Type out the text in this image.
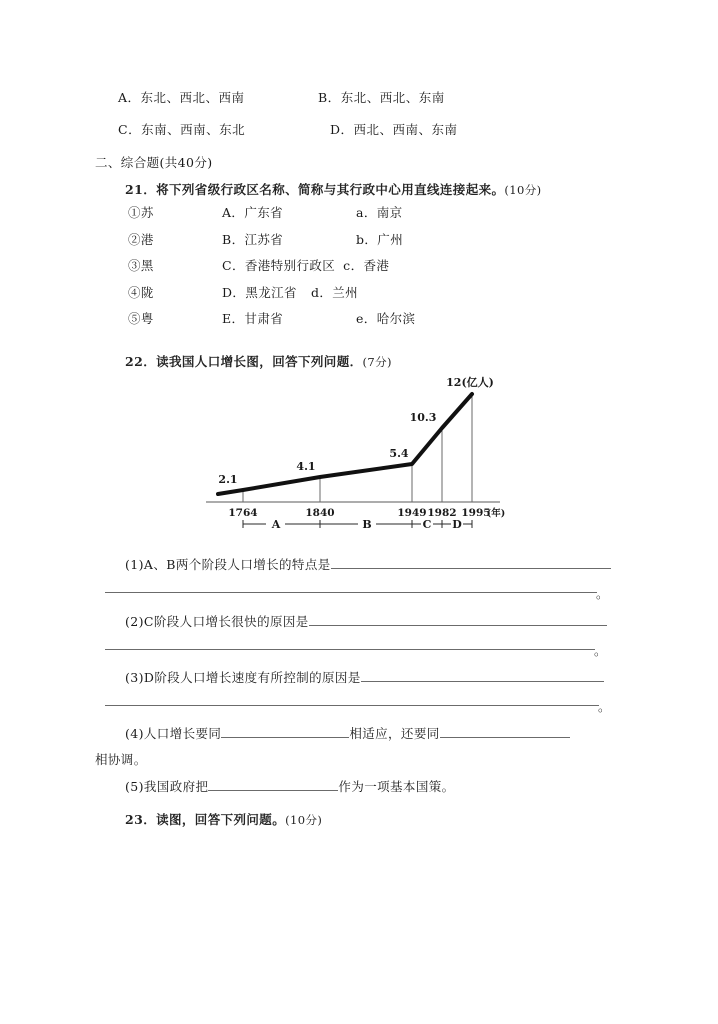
A．东北、西北、西南	B．东北、西北、东南
C．东南、西南、东北	D．西北、西南、东南
二、综合题(共40分)
21．将下列省级行政区名称、简称与其行政中心用直线连接起来。(10分)
①苏	A．广东省	a．南京
②港	B．江苏省	b．广州
③黑	C．香港特别行政区 c．香港
④陇	D．黑龙江省	d．兰州
⑤粤	E．甘肃省	e．哈尔滨
22．读我国人口增长图，回答下列问题．(7分)
2.1
4.1
5.4
10.3
12(亿人)
1764	1840	1949 1982 1995
(年)
A	B	C D
(1)A、B两个阶段人口增长的特点是
。
(2)C阶段人口增长很快的原因是
。
(3)D阶段人口增长速度有所控制的原因是
。
(4)人口增长要同	相适应，还要同
相协调。
(5)我国政府把	作为一项基本国策。
23．读图，回答下列问题。(10分)
